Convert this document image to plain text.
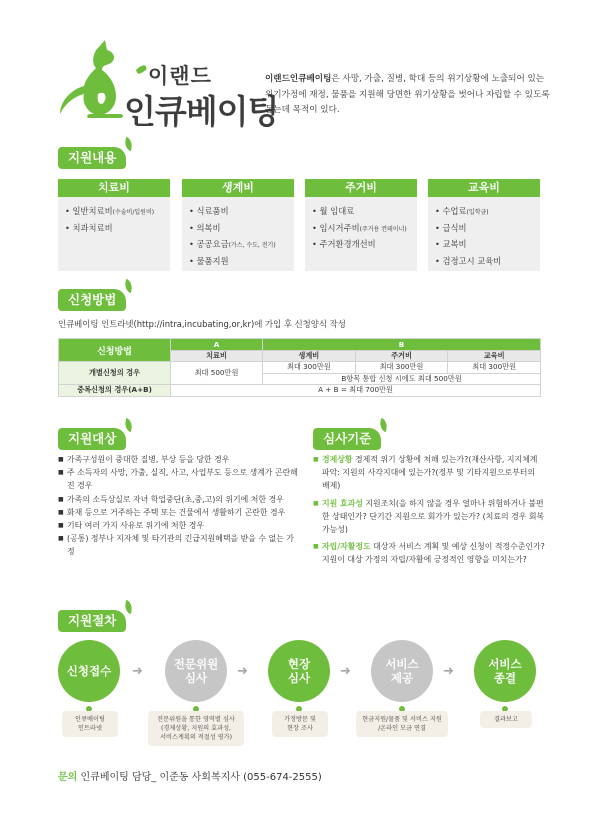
이랜드
인큐베이팅
이랜드인큐베이팅은 사망, 가출, 질병, 학대 등의 위기상황에 노출되어 있는 위기가정에 재정, 물품을 지원해 당면한 위기상황을 벗어나 자립할 수 있도록 돕는데 목적이 있다.
지원내용
치료비
• 일반치료비(수술비/입원비)
• 치과치료비
생계비
• 식료품비
• 의복비
• 공공요금(가스, 수도, 전기)
• 물품지원
주거비
• 월 임대료
• 임시거주비(주거용 컨테이너)
• 주거환경개선비
교육비
• 수업료(입학금)
• 급식비
• 교복비
• 검정고시 교육비
신청방법
인큐베이팅 인트라넷(http://intra,incubating,or,kr)에 가입 후 신청양식 작성
신청방법	A	B		
	치료비	생계비	주거비	교육비
개별신청의 경우	최대 500만원	최대 300만원	최대 300만원	최대 300만원
		B항목 통합 신청 시에도 최대 500만원		
중복신청의 경우(A+B)	A + B = 최대 700만원			
지원대상
■ 가족구성원이 중대한 질병, 부상 등을 당한 경우
■ 주 소득자의 사망, 가출, 실직, 사고, 사업부도 등으로 생계가 곤란해진 경우
■ 가족의 소득상실로 자녀 학업중단(초,중,고)의 위기에 처한 경우
■ 화재 등으로 거주하는 주택 또는 건물에서 생활하기 곤란한 경우
■ 기타 여러 가지 사유로 위기에 처한 경우
■ (공통) 정부나 지자체 및 타기관의 긴급지원혜택을 받을 수 없는 가정
심사기준
■ 경제상황 경제적 위기 상황에 처해 있는가?(재산사항, 지지체계 파악: 지원의 사각지대에 있는가?(정부 및 기타지원으로부터의 배제)
■ 지원 효과성 지원조치(을 하지 않을 경우 얼마나 위험하거나 불편한 상태인가? 단기간 지원으로 회가가 있는가? (치료의 경우 회복가능성)
■ 자립/자활정도 대상자 서비스 계획 및 예상 신청이 적정수준인가? 지원이 대상 가정의 자립/자활에 긍정적인 영향을 미치는가?
지원절차
신청접수	전문위원
심사
현장
심사
서비스
제공
서비스
종결
➜	➜	➜	➜
인큐베이팅
인트라넷
전문위원을 통한 영역별 심사
(경제상황, 지원의 효과성,
서비스계획의 적절성 평가)
가정방문 및
현장 조사
현금지원/물품 및 서비스 지원
/온라인 모금 연결
결과보고
문의 인큐베이팅 담당_ 이준동 사회복지사 (055-674-2555)
